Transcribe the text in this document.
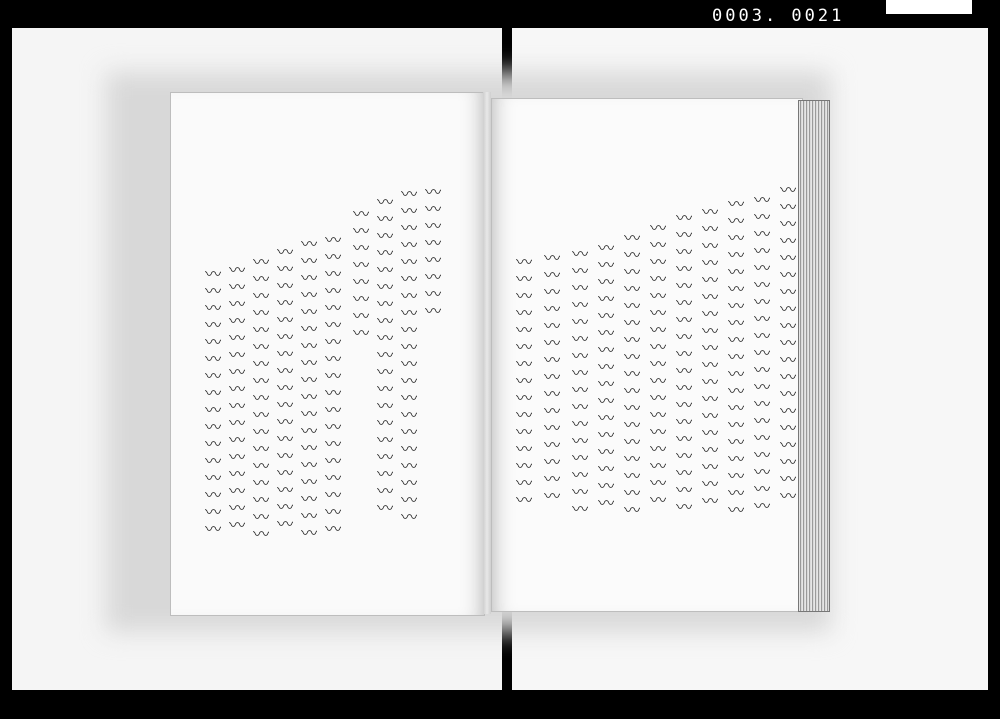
0003. 0021
〰〰〰〰〰〰〰〰
〰〰〰〰〰〰〰〰〰〰〰〰〰〰〰〰〰〰〰〰
〰〰〰〰〰〰〰〰〰〰〰〰〰〰〰〰〰〰〰
〰〰〰〰〰〰〰〰
〰〰〰〰〰〰〰〰〰〰〰〰〰〰〰〰〰〰
〰〰〰〰〰〰〰〰〰〰〰〰〰〰〰〰〰〰
〰〰〰〰〰〰〰〰〰〰〰〰〰〰〰〰〰
〰〰〰〰〰〰〰〰〰〰〰〰〰〰〰〰〰
〰〰〰〰〰〰〰〰〰〰〰〰〰〰〰〰
〰〰〰〰〰〰〰〰〰〰〰〰〰〰〰〰	〰〰〰〰〰〰〰〰〰〰〰〰〰〰〰〰〰〰〰
〰〰〰〰〰〰〰〰〰〰〰〰〰〰〰〰〰〰〰
〰〰〰〰〰〰〰〰〰〰〰〰〰〰〰〰〰〰〰
〰〰〰〰〰〰〰〰〰〰〰〰〰〰〰〰〰〰
〰〰〰〰〰〰〰〰〰〰〰〰〰〰〰〰〰〰
〰〰〰〰〰〰〰〰〰〰〰〰〰〰〰〰〰
〰〰〰〰〰〰〰〰〰〰〰〰〰〰〰〰〰
〰〰〰〰〰〰〰〰〰〰〰〰〰〰〰〰
〰〰〰〰〰〰〰〰〰〰〰〰〰〰〰〰
〰〰〰〰〰〰〰〰〰〰〰〰〰〰〰
〰〰〰〰〰〰〰〰〰〰〰〰〰〰〰
